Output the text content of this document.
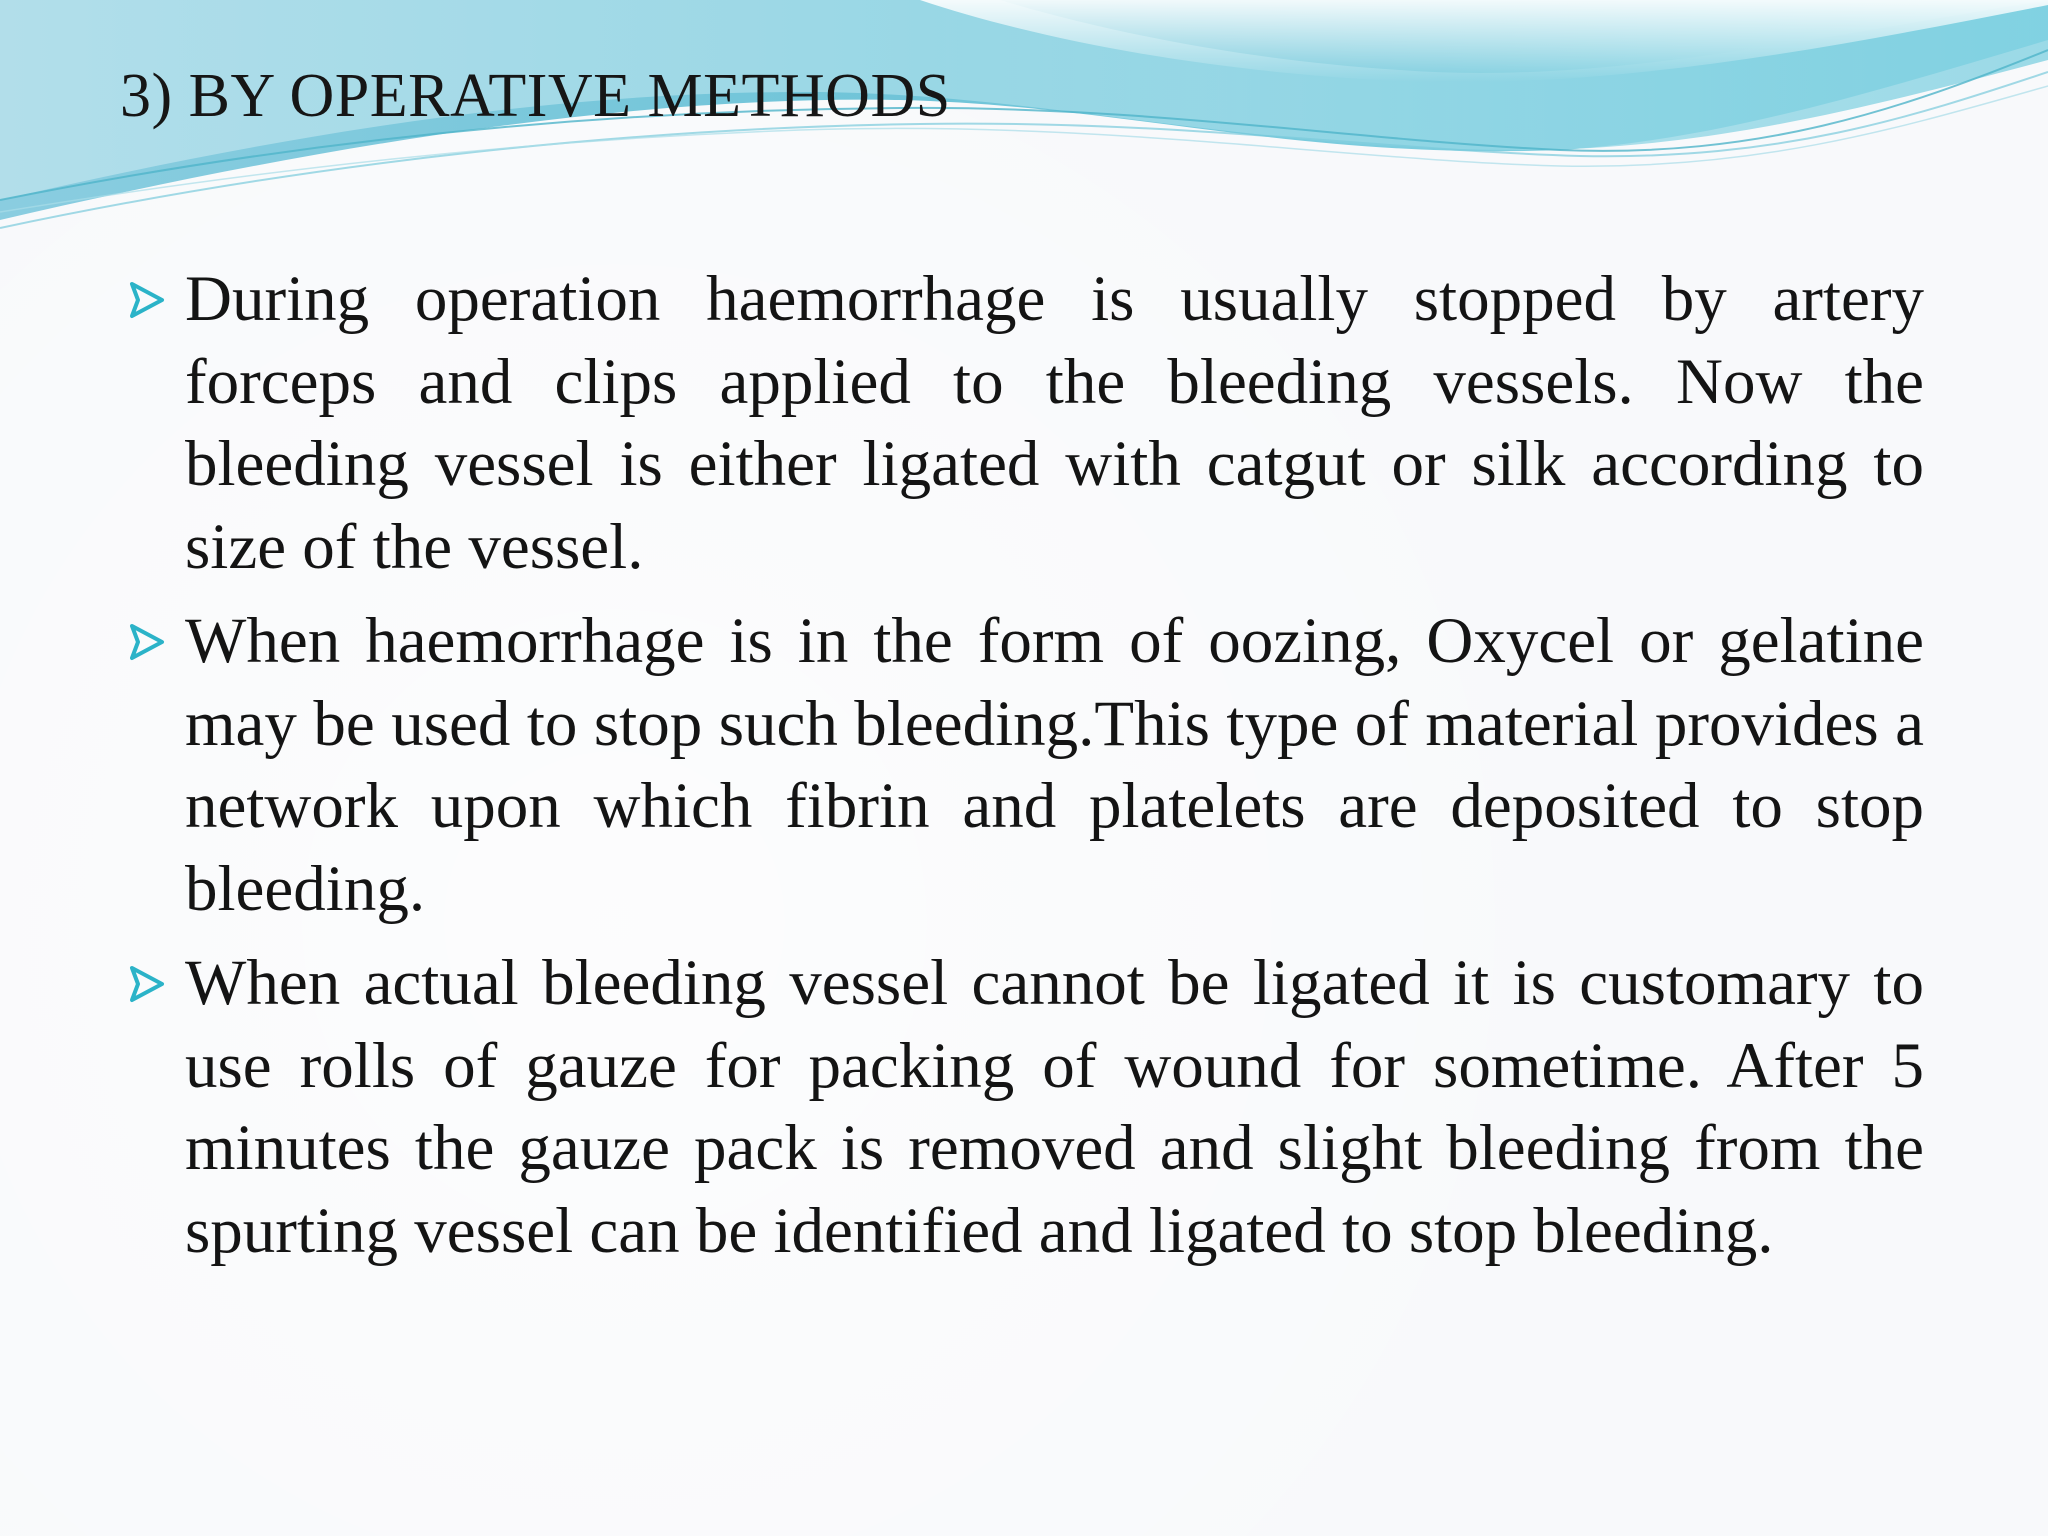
3) BY OPERATIVE METHODS
During operation haemorrhage is usually stopped by artery forceps and clips applied to the bleeding vessels. Now the bleeding vessel is either ligated with catgut or silk according to size of the vessel.
When haemorrhage is in the form of oozing, Oxycel or gelatine may be used to stop such bleeding.This type of material provides a network upon which fibrin and platelets are deposited to stop bleeding.
When actual bleeding vessel cannot be ligated it is customary to use rolls of gauze for packing of wound for sometime. After 5 minutes the gauze pack is removed and slight bleeding from the spurting vessel can be identified and ligated to stop bleeding.
